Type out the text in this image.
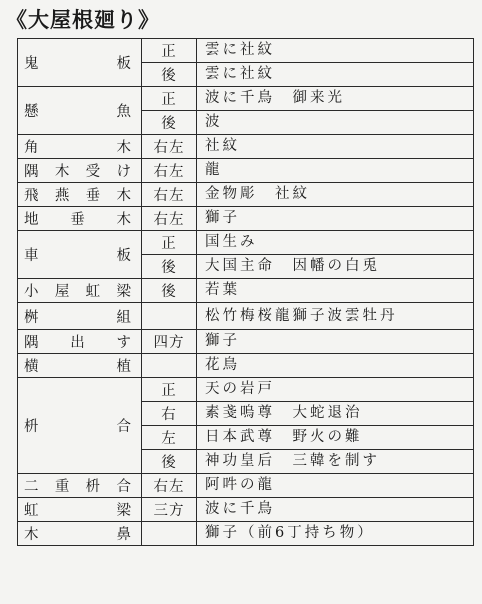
《大屋根廻り》
鬼 板	正	雲に社紋
	後	雲に社紋

懸 魚	正	波に千鳥　御来光
	後	波

角 木	右左	社紋

隅 木 受 け	右左	龍

飛 燕 垂 木	右左	金物彫　社紋

地 垂 木	右左	獅子

車 板	正	国生み
	後	大国主命　因幡の白兎

小 屋 虹 梁	後	若葉

桝 組		松竹梅桜龍獅子波雲牡丹

隅 出 す	四方	獅子

横 植		花鳥

枡 合	正	天の岩戸
	右	素戔嗚尊　大蛇退治
	左	日本武尊　野火の難
	後	神功皇后　三韓を制す

二 重 枡 合	右左	阿吽の龍

虹 梁	三方	波に千鳥

木 鼻		獅子（前6丁持ち物）
